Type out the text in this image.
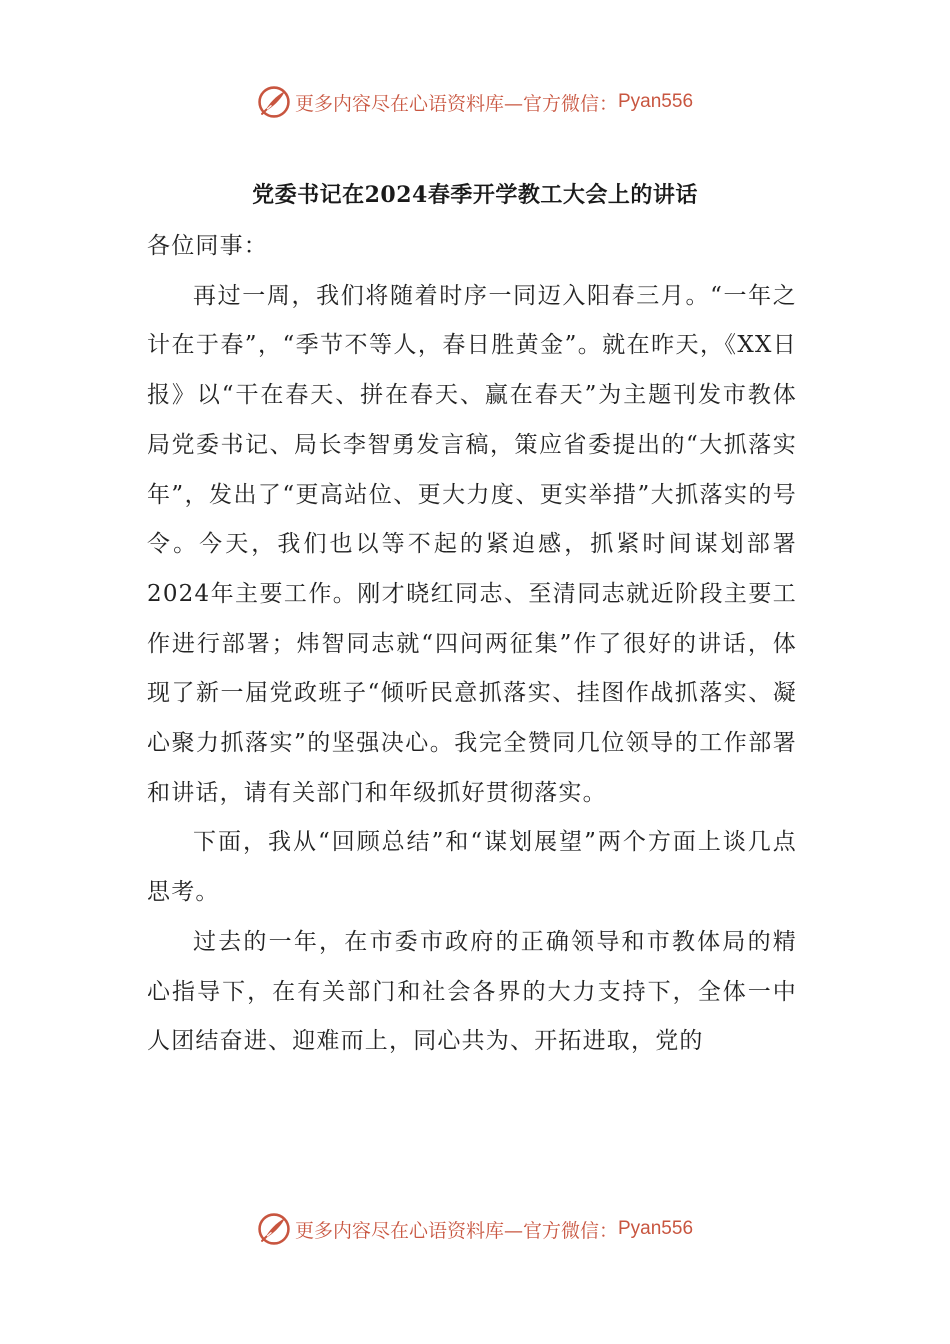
更多内容尽在心语资料库—官方微信： Pyan556
党委书记在2024春季开学教工大会上的讲话

各位同事：

再过一周，我们将随着时序一同迈入阳春三月。“一年之计在于春”，“季节不等人，春日胜黄金”。就在昨天，《XX日报》以“干在春天、拼在春天、赢在春天”为主题刊发市教体局党委书记、局长李智勇发言稿，策应省委提出的“大抓落实年”，发出了“更高站位、更大力度、更实举措”大抓落实的号令。今天，我们也以等不起的紧迫感，抓紧时间谋划部署2024年主要工作。刚才晓红同志、至清同志就近阶段主要工作进行部署；炜智同志就“四问两征集”作了很好的讲话，体现了新一届党政班子“倾听民意抓落实、挂图作战抓落实、凝心聚力抓落实”的坚强决心。我完全赞同几位领导的工作部署和讲话，请有关部门和年级抓好贯彻落实。

下面，我从“回顾总结”和“谋划展望”两个方面上谈几点思考。

过去的一年，在市委市政府的正确领导和市教体局的精心指导下，在有关部门和社会各界的大力支持下，全体一中人团结奋进、迎难而上，同心共为、开拓进取，党的

更多内容尽在心语资料库—官方微信： Pyan556
